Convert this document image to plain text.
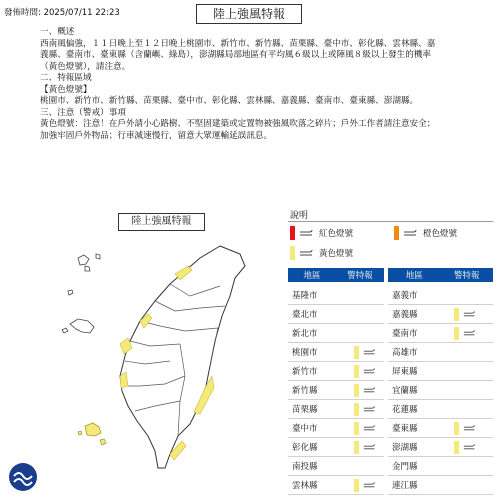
發佈時間: 2025/07/11 22:23	陸上強風特報
一、概述
西南風偏強，１１日晚上至１２日晚上桃園市、新竹市、新竹縣、苗栗縣、臺中市、彰化縣、雲林縣、嘉
義縣、臺南市、臺東縣（含蘭嶼、綠島），澎湖縣局部地區有平均風６級以上或陣風８級以上發生的機率
（黃色燈號），請注意。
二、特報區域
【黃色燈號】
桃園市、新竹市、新竹縣、苗栗縣、臺中市、彰化縣、雲林縣、嘉義縣、臺南市、臺東縣、澎湖縣。
三、注意（警戒）事項
黃色燈號：注意！在戶外請小心路樹、不堅固建築或定置物被強風吹落之碎片；戶外工作者請注意安全；
加強牢固戶外物品；行車減速慢行，留意大眾運輸延誤訊息。
陸上強風特報	說明
紅色燈號	橙色燈號
黃色燈號
地區	警特報	地區	警特報
基隆市
臺北市
新北市
桃園市
新竹市
新竹縣
苗栗縣
臺中市
彰化縣
南投縣
雲林縣
嘉義市
嘉義縣
臺南市
高雄市
屏東縣
宜蘭縣
花蓮縣
臺東縣
澎湖縣
金門縣
連江縣
